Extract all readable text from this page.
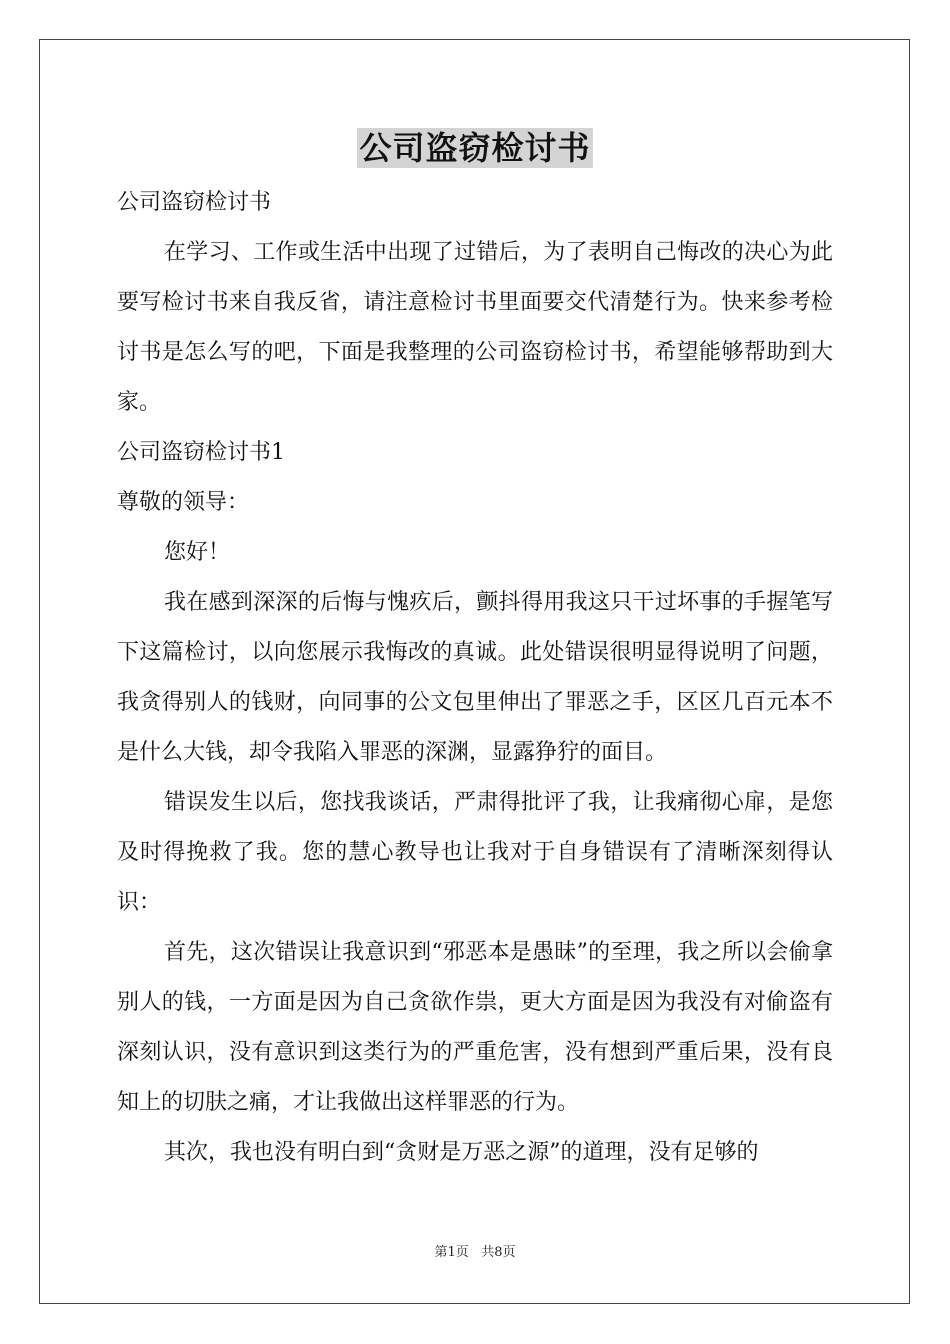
公司盗窃检讨书

公司盗窃检讨书

在学习、工作或生活中出现了过错后，为了表明自己悔改的决心为此要写检讨书来自我反省，请注意检讨书里面要交代清楚行为。快来参考检讨书是怎么写的吧，下面是我整理的公司盗窃检讨书，希望能够帮助到大家。

公司盗窃检讨书1

尊敬的领导：

您好！

我在感到深深的后悔与愧疚后，颤抖得用我这只干过坏事的手握笔写下这篇检讨，以向您展示我悔改的真诚。此处错误很明显得说明了问题，我贪得别人的钱财，向同事的公文包里伸出了罪恶之手，区区几百元本不是什么大钱，却令我陷入罪恶的深渊，显露狰狞的面目。

错误发生以后，您找我谈话，严肃得批评了我，让我痛彻心扉，是您及时得挽救了我。您的慧心教导也让我对于自身错误有了清晰深刻得认识：

首先，这次错误让我意识到“邪恶本是愚昧”的至理，我之所以会偷拿别人的钱，一方面是因为自己贪欲作祟，更大方面是因为我没有对偷盗有深刻认识，没有意识到这类行为的严重危害，没有想到严重后果，没有良知上的切肤之痛，才让我做出这样罪恶的行为。

其次，我也没有明白到“贪财是万恶之源”的道理，没有足够的

第1页 共8页
